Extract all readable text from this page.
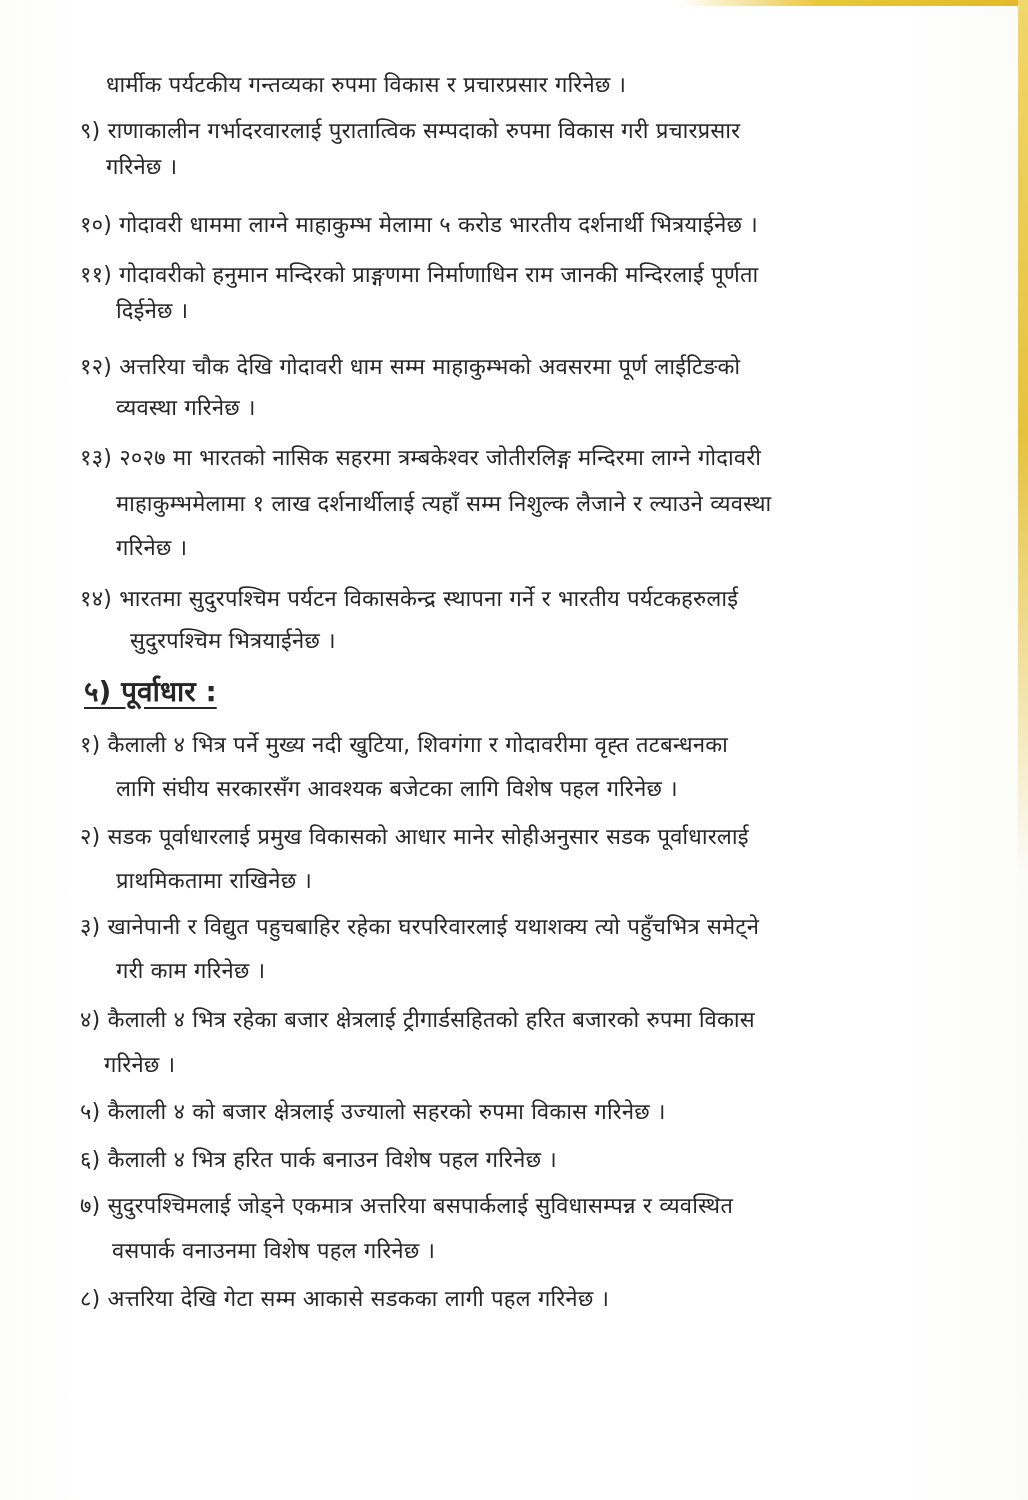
धार्मीक पर्यटकीय गन्तव्यका रुपमा विकास र प्रचारप्रसार गरिनेछ ।
९) राणाकालीन गर्भादरवारलाई पुरातात्विक सम्पदाको रुपमा विकास गरी प्रचारप्रसार
गरिनेछ ।
१०) गोदावरी धाममा लाग्ने माहाकुम्भ मेलामा ५ करोड भारतीय दर्शनार्थी भित्रयाईनेछ ।
११) गोदावरीको हनुमान मन्दिरको प्राङ्गणमा निर्माणाधिन राम जानकी मन्दिरलाई पूर्णता
दिईनेछ ।
१२) अत्तरिया चौक देखि गोदावरी धाम सम्म माहाकुम्भको अवसरमा पूर्ण लाईटिङको
व्यवस्था गरिनेछ ।
१३) २०२७ मा भारतको नासिक सहरमा त्रम्बकेश्वर जोतीरलिङ्ग मन्दिरमा लाग्ने गोदावरी
माहाकुम्भमेलामा १ लाख दर्शनार्थीलाई त्यहाँ सम्म निशुल्क लैजाने र ल्याउने व्यवस्था
गरिनेछ ।
१४) भारतमा सुदुरपश्चिम पर्यटन विकासकेन्द्र स्थापना गर्ने र भारतीय पर्यटकहरुलाई
सुदुरपश्चिम भित्रयाईनेछ ।
५) पूर्वाधार :
१) कैलाली ४ भित्र पर्ने मुख्य नदी खुटिया, शिवगंगा र गोदावरीमा वृह्त तटबन्धनका
लागि संघीय सरकारसँग आवश्यक बजेटका लागि विशेष पहल गरिनेछ ।
२) सडक पूर्वाधारलाई प्रमुख विकासको आधार मानेर सोहीअनुसार सडक पूर्वाधारलाई
प्राथमिकतामा राखिनेछ ।
३) खानेपानी र विद्युत पहुचबाहिर रहेका घरपरिवारलाई यथाशक्य त्यो पहुँचभित्र समेट्ने
गरी काम गरिनेछ ।
४) कैलाली ४ भित्र रहेका बजार क्षेत्रलाई ट्रीगार्डसहितको हरित बजारको रुपमा विकास
गरिनेछ ।
५) कैलाली ४ को बजार क्षेत्रलाई उज्यालो सहरको रुपमा विकास गरिनेछ ।
६) कैलाली ४ भित्र हरित पार्क बनाउन विशेष पहल गरिनेछ ।
७) सुदुरपश्चिमलाई जोड्ने एकमात्र अत्तरिया बसपार्कलाई सुविधासम्पन्न र व्यवस्थित
वसपार्क वनाउनमा विशेष पहल गरिनेछ ।
८) अत्तरिया देखि गेटा सम्म आकासे सडकका लागी पहल गरिनेछ ।
